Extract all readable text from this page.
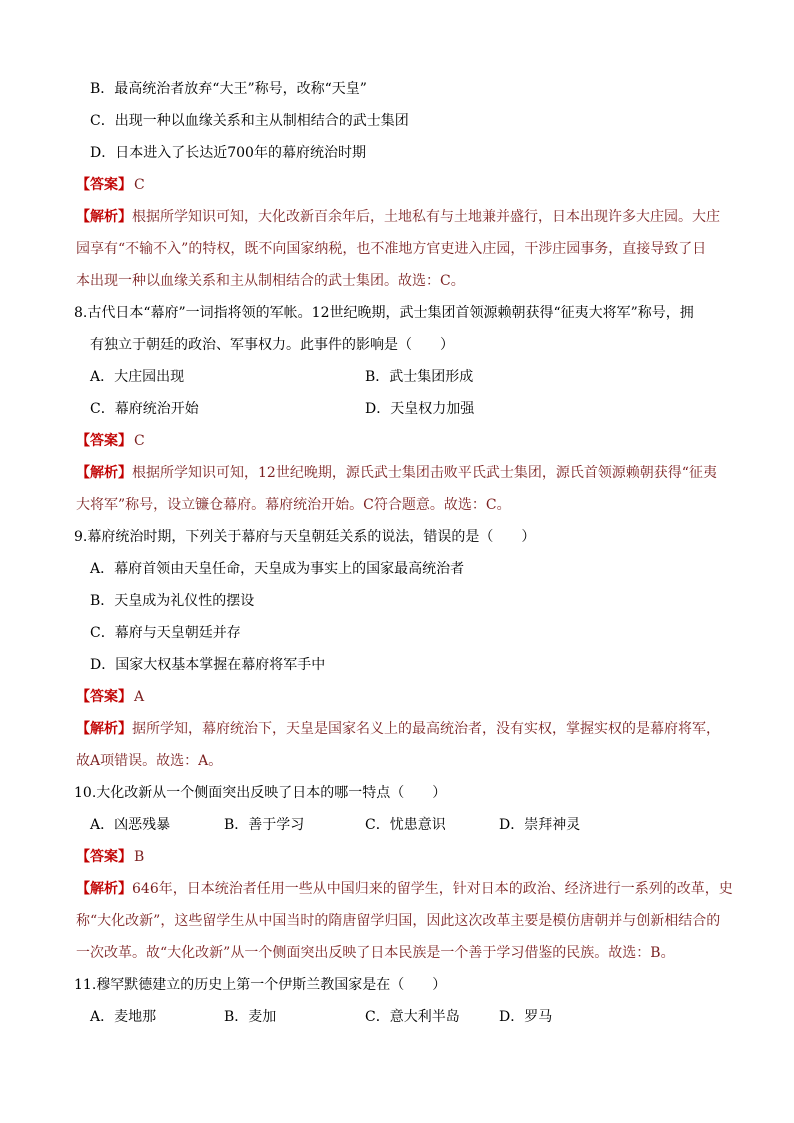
B．最高统治者放弃“大王”称号，改称“天皇”
C．出现一种以血缘关系和主从制相结合的武士集团
D．日本进入了长达近700年的幕府统治时期
【答案】 C
【解析】根据所学知识可知，大化改新百余年后，土地私有与土地兼并盛行，日本出现许多大庄园。大庄
园享有“不输不入”的特权，既不向国家纳税，也不准地方官吏进入庄园，干涉庄园事务，直接导致了日
本出现一种以血缘关系和主从制相结合的武士集团。故选：C。
8.古代日本“幕府”一词指将领的军帐。12世纪晚期，武士集团首领源赖朝获得“征夷大将军”称号，拥
有独立于朝廷的政治、军事权力。此事件的影响是（　　）
A．大庄园出现	B．武士集团形成
C．幕府统治开始	D．天皇权力加强
【答案】 C
【解析】根据所学知识可知，12世纪晚期，源氏武士集团击败平氏武士集团，源氏首领源赖朝获得“征夷
大将军”称号，设立镰仓幕府。幕府统治开始。C符合题意。故选：C。
9.幕府统治时期，下列关于幕府与天皇朝廷关系的说法，错误的是（　　）
A．幕府首领由天皇任命，天皇成为事实上的国家最高统治者
B．天皇成为礼仪性的摆设
C．幕府与天皇朝廷并存
D．国家大权基本掌握在幕府将军手中
【答案】 A
【解析】据所学知，幕府统治下，天皇是国家名义上的最高统治者，没有实权，掌握实权的是幕府将军，
故A项错误。故选：A。
10.大化改新从一个侧面突出反映了日本的哪一特点（　　）
A．凶恶残暴	B．善于学习	C．忧患意识	D．崇拜神灵
【答案】 B
【解析】646年，日本统治者任用一些从中国归来的留学生，针对日本的政治、经济进行一系列的改革，史
称“大化改新”，这些留学生从中国当时的隋唐留学归国，因此这次改革主要是模仿唐朝并与创新相结合的
一次改革。故“大化改新”从一个侧面突出反映了日本民族是一个善于学习借鉴的民族。故选：B。
11.穆罕默德建立的历史上第一个伊斯兰教国家是在（　　）
A．麦地那	B．麦加	C．意大利半岛	D．罗马
